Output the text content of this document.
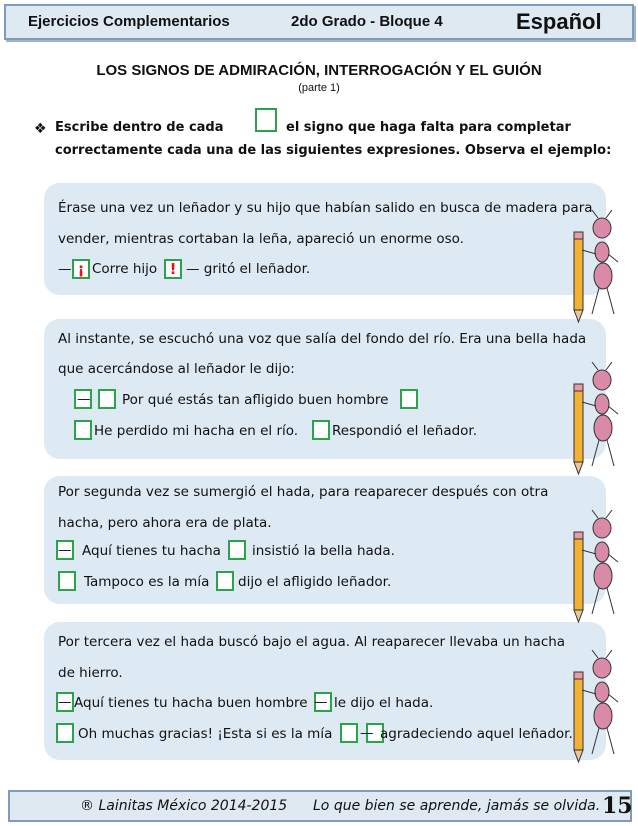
Ejercicios Complementarios	2do Grado - Bloque 4	Español
LOS SIGNOS DE ADMIRACIÓN, INTERROGACIÓN Y EL GUIÓN
(parte 1)
❖ Escribe dentro de cada	el signo que haga falta para completar
correctamente cada una de las siguientes expresiones. Observa el ejemplo:
Érase una vez un leñador y su hijo que habían salido en busca de madera para
vender, mientras cortaban la leña, apareció un enorme oso.
— ¡ Corre hijo ! — gritó el leñador.
Al instante, se escuchó una voz que salía del fondo del río. Era una bella hada
que acercándose al leñador le dijo:
— Por qué estás tan afligido buen hombre
He perdido mi hacha en el río.	Respondió el leñador.
Por segunda vez se sumergió el hada, para reaparecer después con otra
hacha, pero ahora era de plata.
— Aquí tienes tu hacha insistió la bella hada.
Tampoco es la mía dijo el afligido leñador.
Por tercera vez el hada buscó bajo el agua. Al reaparecer llevaba un hacha
de hierro.
— Aquí tienes tu hacha buen hombre — le dijo el hada.
Oh muchas gracias! ¡Esta si es la mía — agradeciendo aquel leñador.
® Lainitas México 2014-2015 Lo que bien se aprende, jamás se olvida. 15
